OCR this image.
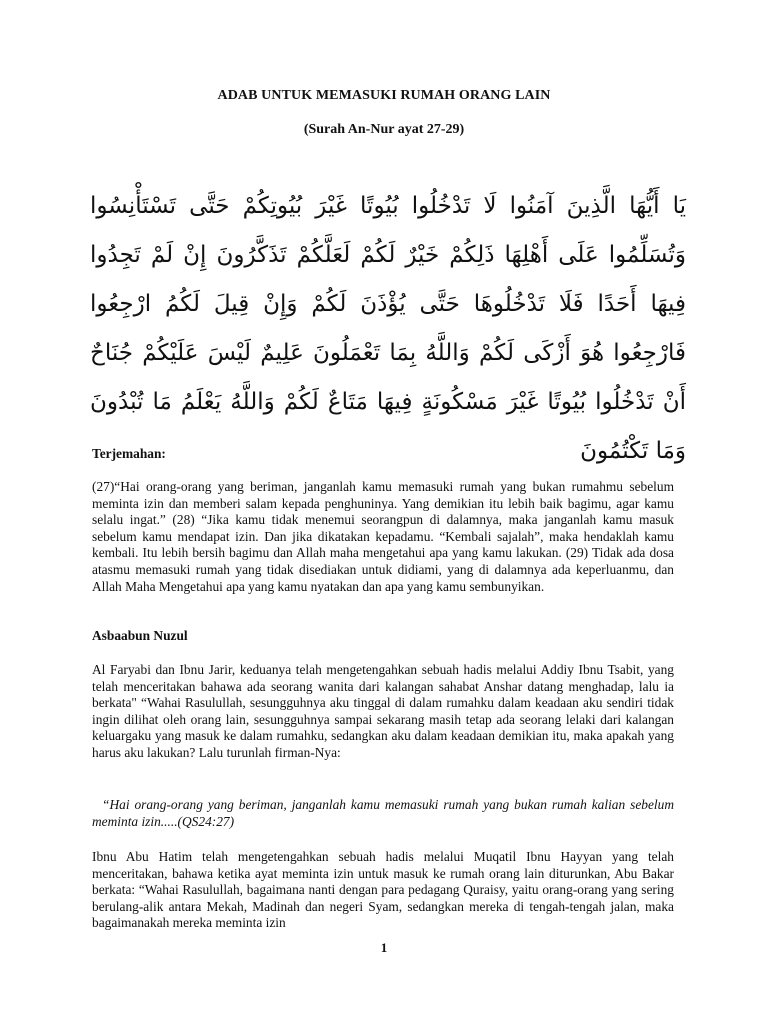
ADAB UNTUK MEMASUKI RUMAH ORANG LAIN
(Surah An-Nur ayat 27-29)
يَا أَيُّهَا الَّذِينَ آمَنُوا لَا تَدْخُلُوا بُيُوتًا غَيْرَ بُيُوتِكُمْ حَتَّى تَسْتَأْنِسُوا وَتُسَلِّمُوا عَلَى أَهْلِهَا ذَلِكُمْ خَيْرٌ لَكُمْ لَعَلَّكُمْ تَذَكَّرُونَ إِنْ لَمْ تَجِدُوا فِيهَا أَحَدًا فَلَا تَدْخُلُوهَا حَتَّى يُؤْذَنَ لَكُمْ وَإِنْ قِيلَ لَكُمُ ارْجِعُوا فَارْجِعُوا هُوَ أَزْكَى لَكُمْ وَاللَّهُ بِمَا تَعْمَلُونَ عَلِيمٌ لَيْسَ عَلَيْكُمْ جُنَاحٌ أَنْ تَدْخُلُوا بُيُوتًا غَيْرَ مَسْكُونَةٍ فِيهَا مَتَاعٌ لَكُمْ وَاللَّهُ يَعْلَمُ مَا تُبْدُونَ وَمَا تَكْتُمُونَ
Terjemahan:
(27)“Hai orang-orang yang beriman, janganlah kamu memasuki rumah yang bukan rumahmu sebelum meminta izin dan memberi salam kepada penghuninya. Yang demikian itu lebih baik bagimu, agar kamu selalu ingat.” (28) “Jika kamu tidak menemui seorangpun di dalamnya, maka janganlah kamu masuk sebelum kamu mendapat izin. Dan jika dikatakan kepadamu. “Kembali sajalah”, maka hendaklah kamu kembali. Itu lebih bersih bagimu dan Allah maha mengetahui apa yang kamu lakukan. (29) Tidak ada dosa atasmu memasuki rumah yang tidak disediakan untuk didiami, yang di dalamnya ada keperluanmu, dan Allah Maha Mengetahui apa yang kamu nyatakan dan apa yang kamu sembunyikan.
Asbaabun Nuzul
Al Faryabi dan Ibnu Jarir, keduanya telah mengetengahkan sebuah hadis melalui Addiy Ibnu Tsabit, yang telah menceritakan bahawa ada seorang wanita dari kalangan sahabat Anshar datang menghadap, lalu ia berkata" “Wahai Rasulullah, sesungguhnya aku tinggal di dalam rumahku dalam keadaan aku sendiri tidak ingin dilihat oleh orang lain, sesungguhnya sampai sekarang masih tetap ada seorang lelaki dari kalangan keluargaku yang masuk ke dalam rumahku, sedangkan aku dalam keadaan demikian itu, maka apakah yang harus aku lakukan? Lalu turunlah firman-Nya:
“Hai orang-orang yang beriman, janganlah kamu memasuki rumah yang bukan rumah kalian sebelum meminta izin.....(QS24:27)
Ibnu Abu Hatim telah mengetengahkan sebuah hadis melalui Muqatil Ibnu Hayyan yang telah menceritakan, bahawa ketika ayat meminta izin untuk masuk ke rumah orang lain diturunkan, Abu Bakar berkata: “Wahai Rasulullah, bagaimana nanti dengan para pedagang Quraisy, yaitu orang-orang yang sering berulang-alik antara Mekah, Madinah dan negeri Syam, sedangkan mereka di tengah-tengah jalan, maka bagaimanakah mereka meminta izin
1
